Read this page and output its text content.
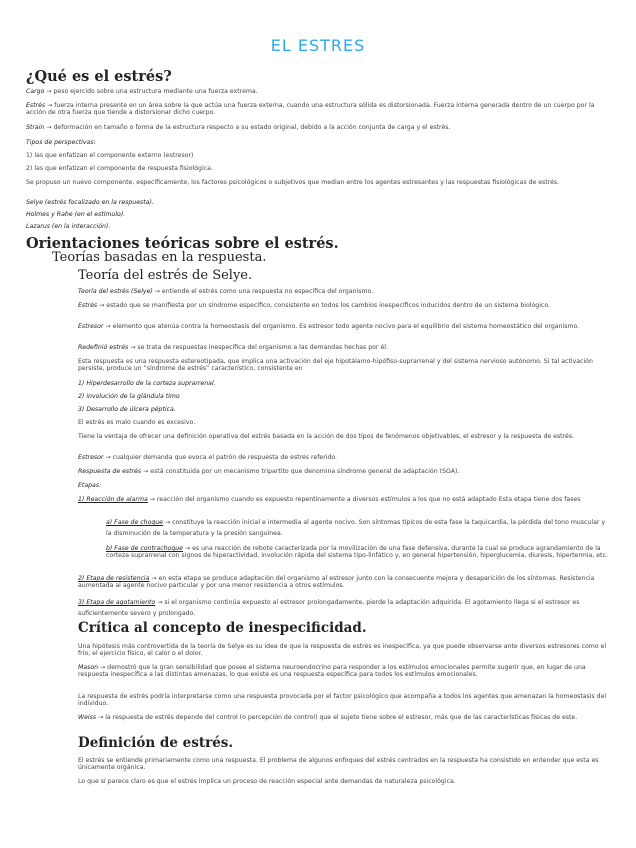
EL ESTRES
¿Qué es el estrés?
Cargo → peso ejercido sobre una estructura mediante una fuerza extrema.
Estrés → fuerza interna presente en un área sobre la que actúa una fuerza externa, cuando una estructura sólida es distorsionada. Fuerza interna generada dentro de un cuerpo por la acción de otra fuerza que tiende a distorsionar dicho cuerpo.
Strain → deformación en tamaño o forma de la estructura respecto a su estado original, debido a la acción conjunta de carga y el estrés.
Tipos de perspectivas:
1) las que enfatizan el componente externo (estresor)
2) las que enfatizan el componente de respuesta fisiológica.
Se propuso un nuevo componente, específicamente, los factores psicológicos o subjetivos que median entre los agentes estresantes y las respuestas fisiológicas de estrés.
Selye (estrés focalizado en la respuesta).
Holmes y Rahe (en el estímulo).
Lazarus (en la interacción).
Orientaciones teóricas sobre el estrés.
Teorías basadas en la respuesta.
Teoría del estrés de Selye.
Teoría del estrés (Selye) → entiende el estrés como una respuesta no específica del organismo.
Estrés → estado que se manifiesta por un síndrome específico, consistente en todos los cambios inespecíficos inducidos dentro de un sistema biológico.
Estresor → elemento que atenúa contra la homeostasis del organismo. Es estresor todo agente nocivo para el equilibrio del sistema homeostático del organismo.
Redefinió estrés → se trata de respuestas inespecífica del organismo a las demandas hechas por él.
Esta respuesta es una respuesta estereotipada, que implica una activación del eje hipotálamo-hipófiso-suprarrenal y del sistema nervioso autónomo. Si tal activación persiste, produce un “síndrome de estrés” característico, consistente en
1) Hiperdesarrollo de la corteza suprarrenal.
2) involución de la glándula timo
3) Desarrollo de úlcera péptica.
El estrés es malo cuando es excesivo.
Tiene la ventaja de ofrecer una definición operativa del estrés basada en la acción de dos tipos de fenómenos objetivables, el estresor y la respuesta de estrés.
Estresor → cualquier demanda que evoca el patrón de respuesta de estrés referido.
Respuesta de estrés → está constituida por un mecanismo tripartito que denomina síndrome general de adaptación (SGA).
Etapas:
1) Reacción de alarma → reacción del organismo cuando es expuesto repentinamente a diversos estímulos a los que no está adaptado Esta etapa tiene dos fases
a) Fase de choque → constituye la reacción inicial e intermedia al agente nocivo. Son síntomas típicos de esta fase la taquicardia, la pérdida del tono muscular y la disminución de la temperatura y la presión sanguínea.
b) Fase de contrachoque → es una reacción de rebote caracterizada por la movilización de una fase defensiva, durante la cual se produce agrandamiento de la corteza suprarrenal con signos de hiperactividad, involución rápida del sistema tipo-linfático y, en general hipertensión, hiperglucemia, diuresis, hipertermia, etc.
2) Etapa de resistencia → en esta etapa se produce adaptación del organismo al estresor junto con la consecuente mejora y desaparición de los síntomas. Resistencia aumentada al agente nocivo particular y por una menor resistencia a otros estímulos.
3) Etapa de agotamiento → si el organismo continúa expuesto al estresor prolongadamente, pierde la adaptación adquirida. El agotamiento llega si el estresor es suficientemente severo y prolongado.
Crítica al concepto de inespecificidad.
Una hipótesis más controvertida de la teoría de Selye es su idea de que la respuesta de estrés es inespecífica, ya que puede observarse ante diversos estresores como el frío, el ejercicio físico, el calor o el dolor.
Mason → demostró que la gran sensibilidad que posee el sistema neuroendocrino para responder a los estímulos emocionales permite sugerir que, en lugar de una respuesta inespecífica a las distintas amenazas, lo que existe es una respuesta específica para todos los estímulos emocionales.
La respuesta de estrés podría interpretarse como una respuesta provocada por el factor psicológico que acompaña a todos los agentes que amenazan la homeostasis del individuo.
Weiss → la respuesta de estrés depende del control (o percepción de control) que el sujeto tiene sobre el estresor, más que de las características físicas de este.
Definición de estrés.
El estrés se entiende primariamente como una respuesta. El problema de algunos enfoques del estrés centrados en la respuesta ha consistido en entender que esta es únicamente orgánica.
Lo que sí parece claro es que el estrés implica un proceso de reacción especial ante demandas de naturaleza psicológica.
